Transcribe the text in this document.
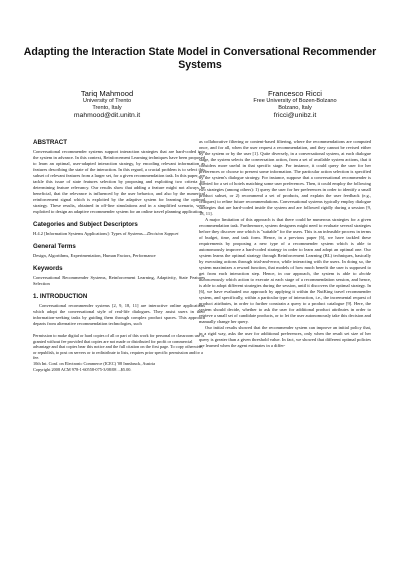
Adapting the Interaction State Model in Conversational Recommender Systems
Tariq Mahmood
University of Trento
Trento, Italy
mahmood@dit.unitn.it
Francesco Ricci
Free University of Bozen-Bolzano
Bolzano, Italy
fricci@unibz.it
ABSTRACT

Conversational recommender systems support interaction strategies that are hard-coded into the system in advance. In this context, Reinforcement Learning techniques have been proposed to learn an optimal, user-adapted interaction strategy, by encoding relevant information as features describing the state of the interaction. In this regard, a crucial problem is to select this subset of relevant features from a larger set, for a given recommendation task. In this paper, we tackle this issue of state features selection by proposing and exploiting two criteria for determining feature relevancy. Our results show that adding a feature might not always be beneficial, that the relevance is influenced by the user behavior, and also by the numerical reinforcement signal which is exploited by the adaptive system for learning the optimal strategy. These results, obtained in off-line simulations and in a simplified scenario, were exploited to design an adaptive recommender system for an online travel planning application.

Categories and Subject Descriptors

H.4.2 [Information Systems Applications]: Types of Systems—Decision Support

General Terms

Design, Algorithms, Experimentation, Human Factors, Performance

Keywords

Conversational Recommender Systems, Reinforcement Learning, Adaptivity, State Features Selection

1. INTRODUCTION

Conversational recommender systems [2, 9, 18, 11] are interactive online applications which adopt the conversational style of real-life dialogues. They assist users in their information-seeking tasks by guiding them through complex product spaces. This approach departs from alternative recommendation technologies, such

Permission to make digital or hard copies of all or part of this work for personal or classroom use is granted without fee provided that copies are not made or distributed for profit or commercial advantage and that copies bear this notice and the full citation on the first page. To copy otherwise, or republish, to post on servers or to redistribute to lists, requires prior specific permission and/or a fee.

10th Int. Conf. on Electronic Commerce (ICEC) '08 Innsbruck, Austria

Copyright 2008 ACM 978-1-60558-075-3/08/08 ...$5.00.

as collaborative filtering or content-based filtering, where the recommendations are computed once, and for all, when the user request a recommendation, and they cannot be revised either by the system or by the user [1]. Quite diversely, in a conversational system, at each dialogue stage, the system selects the conversation action, from a set of available system actions, that it considers more useful in that specific stage. For instance, it could query the user for her preferences or choose to present some information. The particular action selection is specified by the system's dialogue strategy. For instance, suppose that a conversational recommender is queried for a set of hotels matching some user preferences. Then, it could employ the following two strategies (among others): 1) query the user for her preferences in order to identify a small product subset, or 2) recommend a set of products, and explain the user feedback (e.g., critiques) to refine future recommendations. Conversational systems typically employ dialogue strategies that are hard-coded inside the system and are followed rigidly during a session [9, 18, 11].

A major limitation of this approach is that there could be numerous strategies for a given recommendation task. Furthermore, system designers might need to evaluate several strategies before they discover one which is "suitable" for the users. This is an infeasible process in terms of budget, time, and task form. Hence, in a previous paper [6], we have tackled these requirements by proposing a new type of a recommender system which is able to autonomously improve a hard-coded strategy in order to learn and adopt an optimal one. Our system learns the optimal strategy through Reinforcement Learning (RL) techniques, basically by executing actions through trial-and-error, while interacting with the users. In doing so, the system maximizes a reward function, that models of how much benefit the user is supposed to get from each interaction step. Hence, in our approach, the system is able to decide autonomously which action to execute at each stage of a recommendation session, and hence, is able to adopt different strategies during the session, until it discovers the optimal strategy. In [6], we have evaluated our approach by applying it within the NutKing travel recommender system, and specifically, within a particular type of interaction, i.e., the incremental request of product attributes, in order to further constrain a query to a product catalogue [9]. Here, the system should decide, whether to ask the user for additional product attributes in order to retrieve a small set of candidate products, or to let the user autonomously take this decision and manually change her query.

Our initial results showed that the recommender system can improve an initial policy that, in a rigid way, asks the user for additional preferences, only when the result set size of her query is greater than a given threshold value. In fact, we showed that different optimal policies are learned when the agent estimates in a differ-
